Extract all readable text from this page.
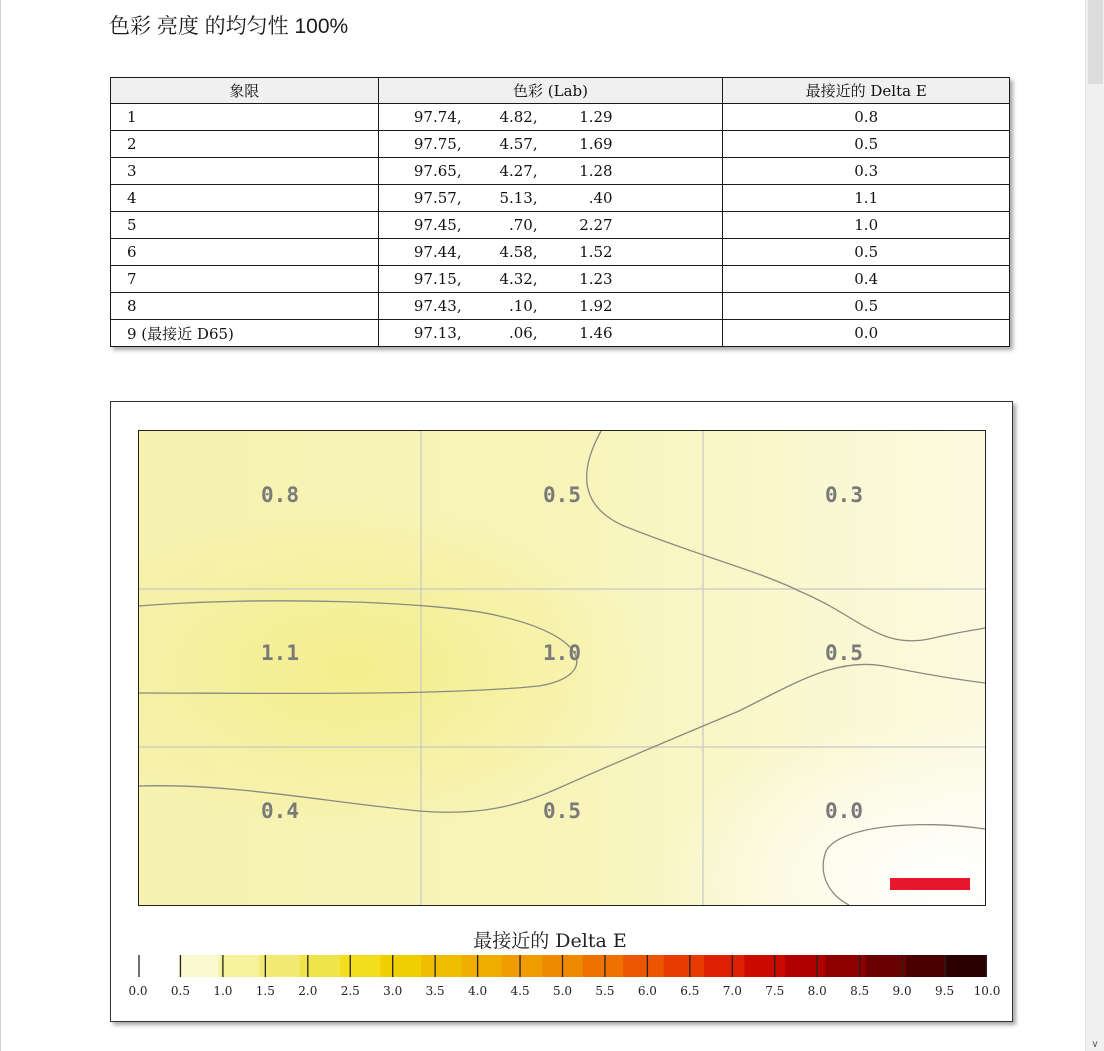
色彩 亮度 的均匀性 100%
象限	色彩 (Lab)	最接近的 Delta E
1	97.74, 4.82, 1.29	0.8
2	97.75, 4.57, 1.69	0.5
3	97.65, 4.27, 1.28	0.3
4	97.57, 5.13, .40	1.1
5	97.45, .70, 2.27	1.0
6	97.44, 4.58, 1.52	0.5
7	97.15, 4.32, 1.23	0.4
8	97.43, .10, 1.92	0.5
9 (最接近 D65)	97.13, .06, 1.46	0.0
0.8	0.5	0.3
1.1	1.0	0.5
0.4	0.5	0.0
最接近的 Delta E
0.0 0.5 1.0 1.5 2.0 2.5 3.0 3.5 4.0 4.5 5.0 5.5 6.0 6.5 7.0 7.5 8.0 8.5 9.0 9.5 10.0
∨
